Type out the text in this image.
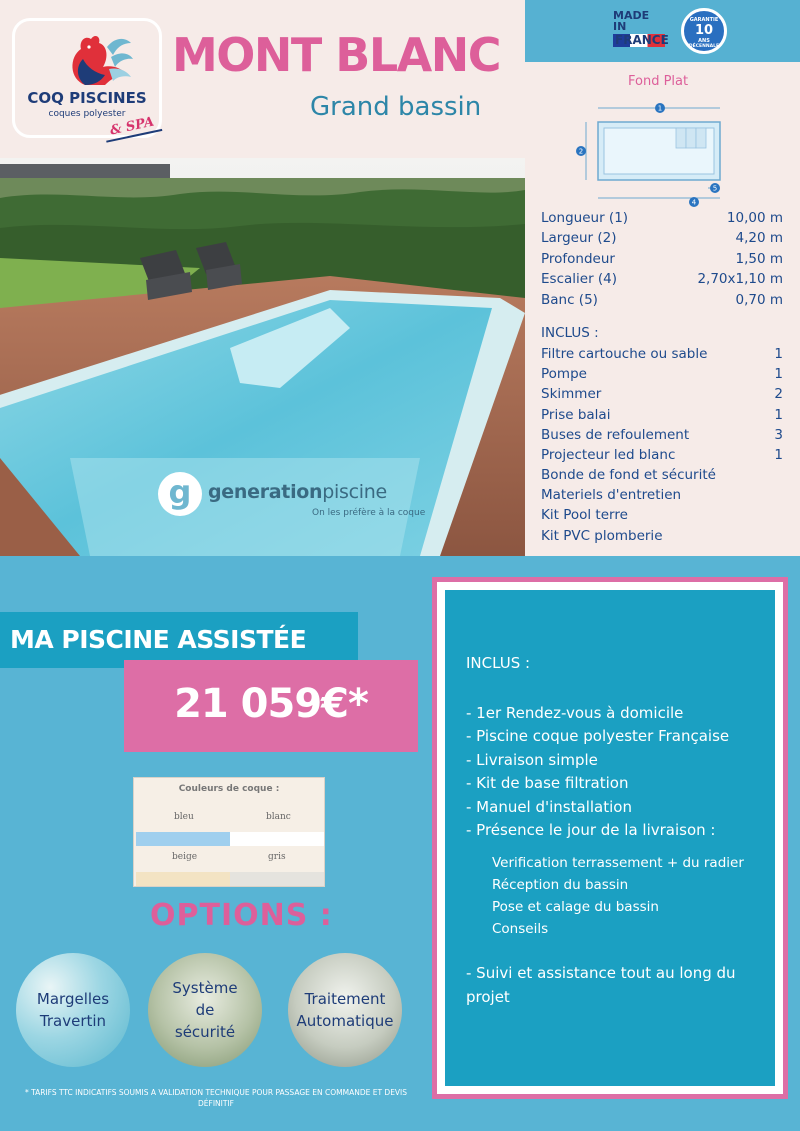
COQ PISCINES
coques polyester
& SPA
MONT BLANC
Grand bassin
MADE IN
FRANCE
GARANTIE
10
ANS
DÉCENNALE
Fond Plat
1
2
4
5
Longueur (1)	10,00 m
Largeur (2)	4,20 m
Profondeur	1,50 m
Escalier (4)	2,70x1,10 m
Banc (5)	0,70 m
INCLUS :
Filtre cartouche ou sable	1
Pompe	1
Skimmer	2
Prise balai	1
Buses de refoulement	3
Projecteur led blanc	1
Bonde de fond et sécurité
Materiels d'entretien
Kit Pool terre
Kit PVC plomberie
g generationpiscine
On les préfère à la coque
MA PISCINE ASSISTÉE
21 059€*
Couleurs de coque :
bleu	blanc
beige	gris
OPTIONS :
Margelles
Travertin
Système
de
sécurité
Traitement
Automatique
* TARIFS TTC INDICATIFS SOUMIS A VALIDATION TECHNIQUE POUR PASSAGE EN COMMANDE ET DEVIS DÉFINITIF
INCLUS :
- 1er Rendez-vous à domicile
- Piscine coque polyester Française
- Livraison simple
- Kit de base filtration
- Manuel d'installation
- Présence le jour de la livraison :
Verification terrassement + du radier
Réception du bassin
Pose et calage du bassin
Conseils
- Suivi et assistance tout au long du projet
